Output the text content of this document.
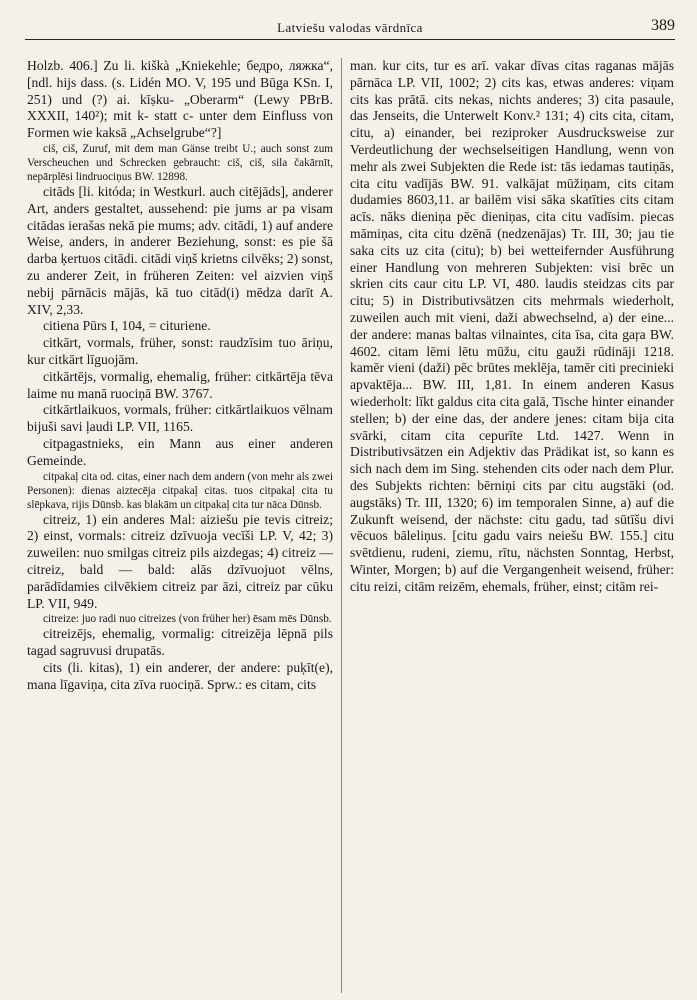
Latviešu valodas vārdnīca	389

Holzb. 406.] Zu li. kiškà „Kniekehle; бедро, ляжка“, [ndl. hijs dass. (s. Lidén MO. V, 195 und Būga KSn. I, 251) und (?) ai. kīṣku- „Oberarm“ (Lewy PBrB. XXXII, 140²); mit k- statt c- unter dem Einfluss von Formen wie kaksā „Achselgrube“?]

ciš, ciš, Zuruf, mit dem man Gänse treibt U.; auch sonst zum Verscheuchen und Schrecken gebraucht: ciš, ciš, sila čakārnīt, nepārplēsi lindruociņus BW. 12898.

citāds [li. kitóda; in Westkurl. auch citējāds], anderer Art, anders gestaltet, aussehend: pie jums ar pa visam citādas ierašas nekā pie mums; adv. citādi, 1) auf andere Weise, anders, in anderer Beziehung, sonst: es pie šā darba ķertuos citādi. citādi viņš krietns cilvēks; 2) sonst, zu anderer Zeit, in früheren Zeiten: vel aizvien viņš nebij pārnācis mājās, kā tuo citād(i) mēdza darīt A. XIV, 2,33.

citiena Pūrs I, 104, = cituriene.

citkārt, vormals, früher, sonst: raudzīsim tuo āriņu, kur citkārt līguojām.

citkārtējs, vormalig, ehemalig, früher: citkārtēja tēva laime nu manā ruociņā BW. 3767.

citkārtlaikuos, vormals, früher: citkārtlaikuos vēlnam bijuši savi ļaudi LP. VII, 1165.

citpagastnieks, ein Mann aus einer anderen Gemeinde.

citpakaļ cita od. citas, einer nach dem andern (von mehr als zwei Personen): dienas aiztecēja citpakaļ citas. tuos citpakaļ cita tu slēpkava, rijis Dūnsb. kas blakām un citpakaļ cita tur nāca Dūnsb.

citreiz, 1) ein anderes Mal: aiziešu pie tevis citreiz; 2) einst, vormals: citreiz dzīvuoja vecīši LP. V, 42; 3) zuweilen: nuo smilgas citreiz pils aizdegas; 4) citreiz — citreiz, bald — bald: alās dzīvuojuot vēlns, parādīdamies cilvēkiem citreiz par āzi, citreiz par cūku LP. VII, 949.

citreize: juo radi nuo citreizes (von früher her) ēsam mēs Dūnsb.

citreizējs, ehemalig, vormalig: citreizēja lēpnā pils tagad sagruvusi drupatās.

cits (li. kitas), 1) ein anderer, der andere: puķīt(e), mana līgaviņa, cita zīva ruociņā. Sprw.: es citam, cits

man. kur cits, tur es arī. vakar dīvas citas raganas mājās pārnāca LP. VII, 1002; 2) cits kas, etwas anderes: viņam cits kas prātā. cits nekas, nichts anderes; 3) cita pasaule, das Jenseits, die Unterwelt Konv.² 131; 4) cits cita, citam, citu, a) einander, bei reziproker Ausdrucksweise zur Verdeutlichung der wechselseitigen Handlung, wenn von mehr als zwei Subjekten die Rede ist: tās iedamas tautiņās, cita citu vadījās BW. 91. valkājat mūžiņam, cits citam dudamies 8603,11. ar bailēm visi sāka skatīties cits citam acīs. nāks dieniņa pēc dieniņas, cita citu vadīsim. piecas māmiņas, cita citu dzēnā (nedzenājas) Tr. III, 30; jau tie saka cits uz cita (citu); b) bei wetteifernder Ausführung einer Handlung von mehreren Subjekten: visi brēc un skrien cits caur citu LP. VI, 480. laudis steidzas cits par citu; 5) in Distributivsätzen cits mehrmals wiederholt, zuweilen auch mit vieni, daži abwechselnd, a) der eine... der andere: manas baltas vilnaintes, cita īsa, cita gaŗa BW. 4602. citam lēmi lētu mūžu, citu gauži rūdināji 1218. kamēr vieni (daži) pēc brūtes meklēja, tamēr citi precinieki apvaktēja... BW. III, 1,81. In einem anderen Kasus wiederholt: līkt galdus cita cita galā, Tische hinter einander stellen; b) der eine das, der andere jenes: citam bija cita svārki, citam cita cepurīte Ltd. 1427. Wenn in Distributivsätzen ein Adjektiv das Prädikat ist, so kann es sich nach dem im Sing. stehenden cits oder nach dem Plur. des Subjekts richten: bērniņi cits par citu augstāki (od. augstāks) Tr. III, 1320; 6) im temporalen Sinne, a) auf die Zukunft weisend, der nächste: citu gadu, tad sūtīšu divi vēcuos bāleliņus. [citu gadu vairs neiešu BW. 155.] citu svētdienu, rudeni, ziemu, rītu, nächsten Sonntag, Herbst, Winter, Morgen; b) auf die Vergangenheit weisend, früher: citu reizi, citām reizēm, ehemals, früher, einst; citām rei-
